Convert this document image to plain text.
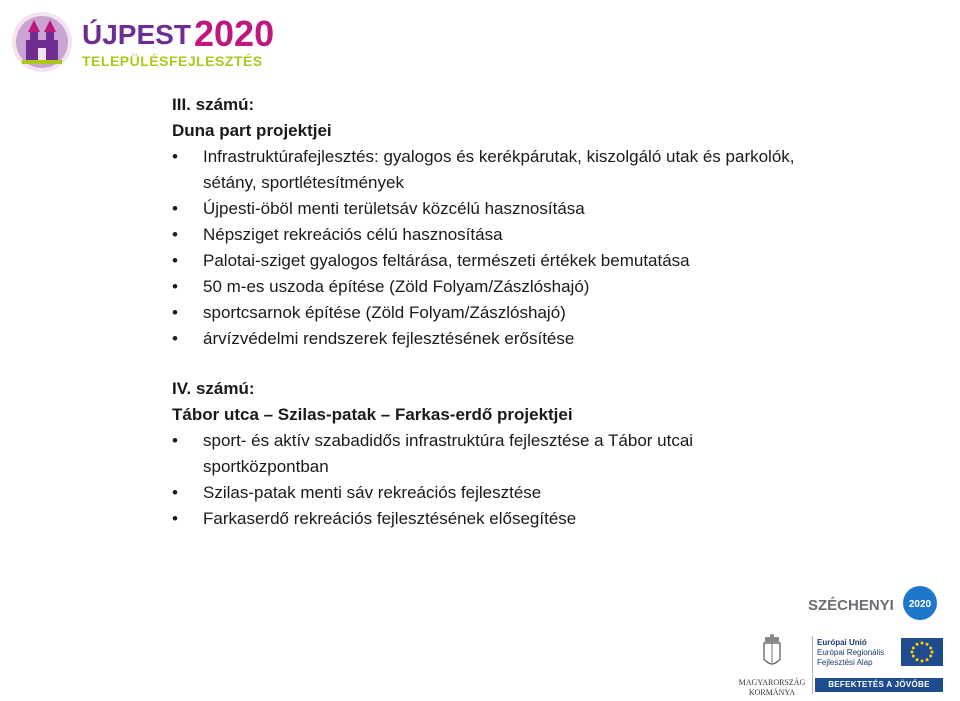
ÚJPEST 2020
TELEPÜLÉSFEJLESZTÉS

III. számú:

Duna part projektjei

• Infrastruktúrafejlesztés: gyalogos és kerékpárutak, kiszolgáló utak és parkolók, sétány, sportlétesítmények
• Újpesti-öböl menti területsáv közcélú hasznosítása
• Népsziget rekreációs célú hasznosítása
• Palotai-sziget gyalogos feltárása, természeti értékek bemutatása
• 50 m-es uszoda építése (Zöld Folyam/Zászlóshajó)
• sportcsarnok építése (Zöld Folyam/Zászlóshajó)
• árvízvédelmi rendszerek fejlesztésének erősítése

IV. számú:

Tábor utca – Szilas-patak – Farkas-erdő projektjei

• sport- és aktív szabadidős infrastruktúra fejlesztése a Tábor utcai sportközpontban
• Szilas-patak menti sáv rekreációs fejlesztése
• Farkaserdő rekreációs fejlesztésének elősegítése
SZÉCHENYI 2020
MAGYARORSZÁG
KORMÁNYA
Európai Unió
Európai Regionális
Fejlesztési Alap
BEFEKTETÉS A JÖVŐBE
